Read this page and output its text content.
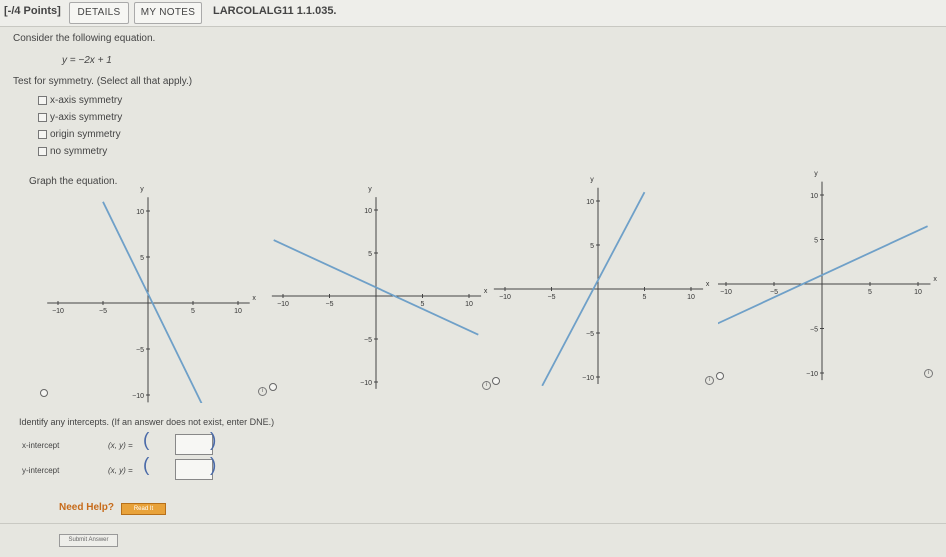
[-/4 Points]	DETAILS	MY NOTES	LARCOLALG11 1.1.035.
Consider the following equation.
y = −2x + 1
Test for symmetry. (Select all that apply.)
x-axis symmetry
y-axis symmetry
origin symmetry
no symmetry
Graph the equation.
−10	−5	5	10
10
5
−5
−10
x
y
−10	−5	5	10
10
5
−5
−10
x
y
−10	−5	5	10
10
5
−5
−10
x
y
−10	−5	5	10
10
5
−5
−10
x
y
i
i
i
i
Identify any intercepts. (If an answer does not exist, enter DNE.)
x-intercept	(x, y) = (	)
y-intercept	(x, y) = (	)
Need Help?	Read It
Submit Answer
